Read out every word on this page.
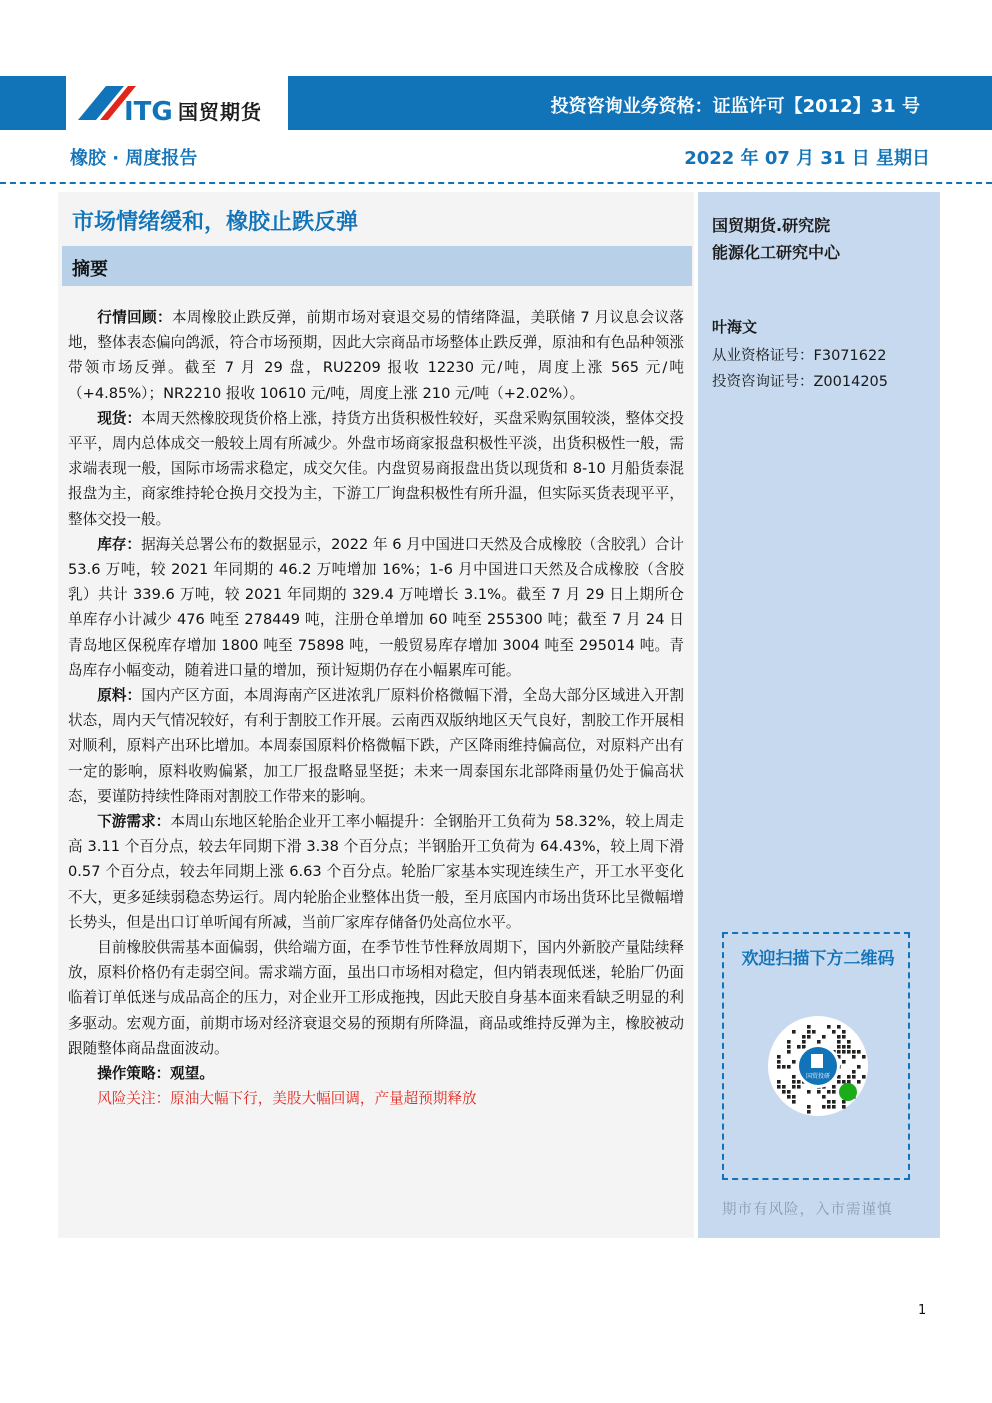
ITG 国贸期货	投资咨询业务资格：证监许可【2012】31 号
橡胶 · 周度报告	2022 年 07 月 31 日 星期日
市场情绪缓和，橡胶止跌反弹
摘要

行情回顾：本周橡胶止跌反弹，前期市场对衰退交易的情绪降温，美联储 7 月议息会议落地，整体表态偏向鸽派，符合市场预期，因此大宗商品市场整体止跌反弹，原油和有色品种领涨带领市场反弹。截至 7 月 29 盘，RU2209 报收 12230 元/吨，周度上涨 565 元/吨（+4.85%）；NR2210 报收 10610 元/吨，周度上涨 210 元/吨（+2.02%）。

现货：本周天然橡胶现货价格上涨，持货方出货积极性较好，买盘采购氛围较淡，整体交投平平，周内总体成交一般较上周有所减少。外盘市场商家报盘积极性平淡，出货积极性一般，需求端表现一般，国际市场需求稳定，成交欠佳。内盘贸易商报盘出货以现货和 8-10 月船货泰混报盘为主，商家维持轮仓换月交投为主，下游工厂询盘积极性有所升温，但实际买货表现平平，整体交投一般。

库存：据海关总署公布的数据显示，2022 年 6 月中国进口天然及合成橡胶（含胶乳）合计 53.6 万吨，较 2021 年同期的 46.2 万吨增加 16%；1-6 月中国进口天然及合成橡胶（含胶乳）共计 339.6 万吨，较 2021 年同期的 329.4 万吨增长 3.1%。截至 7 月 29 日上期所仓单库存小计减少 476 吨至 278449 吨，注册仓单增加 60 吨至 255300 吨；截至 7 月 24 日青岛地区保税库存增加 1800 吨至 75898 吨，一般贸易库存增加 3004 吨至 295014 吨。青岛库存小幅变动，随着进口量的增加，预计短期仍存在小幅累库可能。

原料：国内产区方面，本周海南产区进浓乳厂原料价格微幅下滑，全岛大部分区域进入开割状态，周内天气情况较好，有利于割胶工作开展。云南西双版纳地区天气良好，割胶工作开展相对顺利，原料产出环比增加。本周泰国原料价格微幅下跌，产区降雨维持偏高位，对原料产出有一定的影响，原料收购偏紧，加工厂报盘略显坚挺；未来一周泰国东北部降雨量仍处于偏高状态，要谨防持续性降雨对割胶工作带来的影响。

下游需求：本周山东地区轮胎企业开工率小幅提升：全钢胎开工负荷为 58.32%，较上周走高 3.11 个百分点，较去年同期下滑 3.38 个百分点；半钢胎开工负荷为 64.43%，较上周下滑 0.57 个百分点，较去年同期上涨 6.63 个百分点。轮胎厂家基本实现连续生产，开工水平变化不大，更多延续弱稳态势运行。周内轮胎企业整体出货一般，至月底国内市场出货环比呈微幅增长势头，但是出口订单听闻有所减，当前厂家库存储备仍处高位水平。

目前橡胶供需基本面偏弱，供给端方面，在季节性节性释放周期下，国内外新胶产量陆续释放，原料价格仍有走弱空间。需求端方面，虽出口市场相对稳定，但内销表现低迷，轮胎厂仍面临着订单低迷与成品高企的压力，对企业开工形成拖拽，因此天胶自身基本面来看缺乏明显的利多驱动。宏观方面，前期市场对经济衰退交易的预期有所降温，商品或维持反弹为主，橡胶被动跟随整体商品盘面波动。

操作策略：观望。

风险关注：原油大幅下行，美股大幅回调，产量超预期释放

国贸期货.研究院
能源化工研究中心
叶海文
从业资格证号：F3071622
投资咨询证号：Z0014205
欢迎扫描下方二维码
国贸投研
期市有风险，入市需谨慎
1
